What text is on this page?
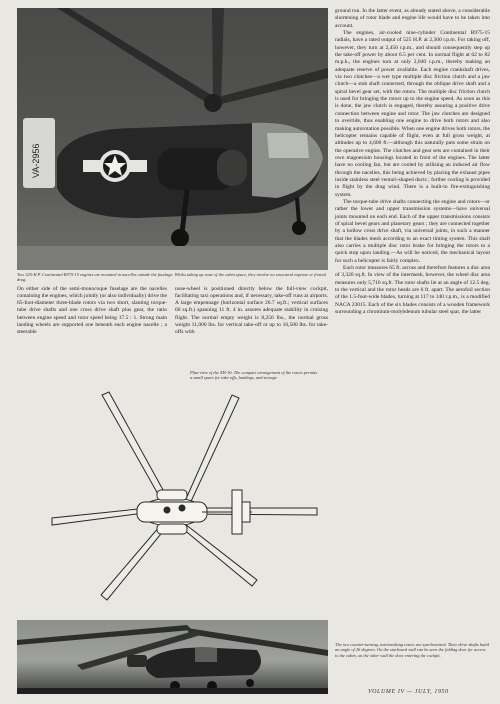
VA-2956
Two 525-H.P. Continental R975-15 engines are mounted in nacelles outside the fuselage. Whilst taking up none of the cabin space, they involve no structural expense or frontal drag.

On either side of the semi-monocoque fuselage are the nacelles containing the engines, which jointly (or also individually) drive the 65-foot-diameter three-blade rotors via two short, slanting torque-tube drive shafts and one cross drive shaft plus gear, the ratio between engine speed and rotor speed being 17.5 : 1. Strong main landing wheels are supported one beneath each engine nacelle ; a steerable

nose-wheel is positioned directly below the full-view cockpit, facilitating taxi operations and, if necessary, take-off runs at airports. A large empennage (horizontal surface 26.7 sq.ft.; vertical surfaces 60 sq.ft.) spanning 11 ft. 4 in. assures adequate stability in cruising flight. The normal empty weight is 8,256 lbs., the normal gross weight 11,000 lbs. for vertical take-off or up to 16,500 lbs. for take-offs with

Plan-view of the XH-16. The compact arrangement of the rotors permits a small space for take-offs, landings, and storage.

ground run. In the latter event, as already stated above, a considerable shortening of rotor blade and engine life would have to be taken into account.

The engines, air-cooled nine-cylinder Continental R975-15 radials, have a rated output of 525 H.P. at 2,300 r.p.m. For taking off, however, they turn at 2,450 r.p.m., and should consequently step up the take-off power by about 6.5 per cent. In normal flight at 62 to 82 m.p.h., the engines turn at only 2,040 r.p.m., thereby making an adequate reserve of power available. Each engine crankshaft drives, via two clutches—a wet type multiple disc friction clutch and a jaw clutch—a stub shaft connected, through the oblique drive shaft and a spiral bevel gear set, with the rotors. The multiple disc friction clutch is used for bringing the rotors up to the engine speed. As soon as this is done, the jaw clutch is engaged, thereby assuring a positive drive connection between engine and rotor. The jaw clutches are designed to override, thus enabling one engine to drive both rotors and also making autorotation possible. When one engine drives both rotors, the helicopter remains capable of flight, even at full gross weight, at altitudes up to 4,600 ft.—although this naturally puts some strain on the operative engine. The clutches and gear sets are contained in their own magnesium housings located in front of the engines. The latter have no cooling fan, but are cooled by utilising an induced air flow through the nacelles, this being achieved by placing the exhaust pipes inside stainless steel venturi-shaped ducts ; further cooling is provided in flight by the drag wind. There is a built-in fire-extinguishing system.

The torque-tube drive shafts connecting the engine and rotors—or rather the lower and upper transmission systems—have universal joints mounted on each end. Each of the upper transmissions consists of spiral bevel gears and planetary gears ; they are connected together by a hollow cross drive shaft, via universal joints, in such a manner that the blades mesh according to an exact timing system. This shaft also carries a multiple disc rotor brake for bringing the rotors to a quick stop upon landing.—As will be noticed, the mechanical layout for such a helicopter is fairly complex.

Each rotor measures 65 ft. across and therefore features a disc area of 3,320 sq.ft. In view of the intermesh, however, the wheel disc area measures only 5,710 sq.ft. The rotor shafts lie at an angle of 12.5 deg. to the vertical and the rotor heads are 6 ft. apart. The aerofoil section of the 1.5-foot-wide blades, turning at 117 to 140 r.p.m., is a modified NACA 23015. Each of the six blades consists of a wooden framework surrounding a chromium-molybdenum tubular steel spar, the latter

The two counter-turning, intermeshing rotors are synchronised. Their drive shafts build an angle of 26 degrees. On the starboard wall can be seen the folding door for access to the cabin, on the other wall the door entering the cockpit.
VOLUME IV — JULY, 1950
